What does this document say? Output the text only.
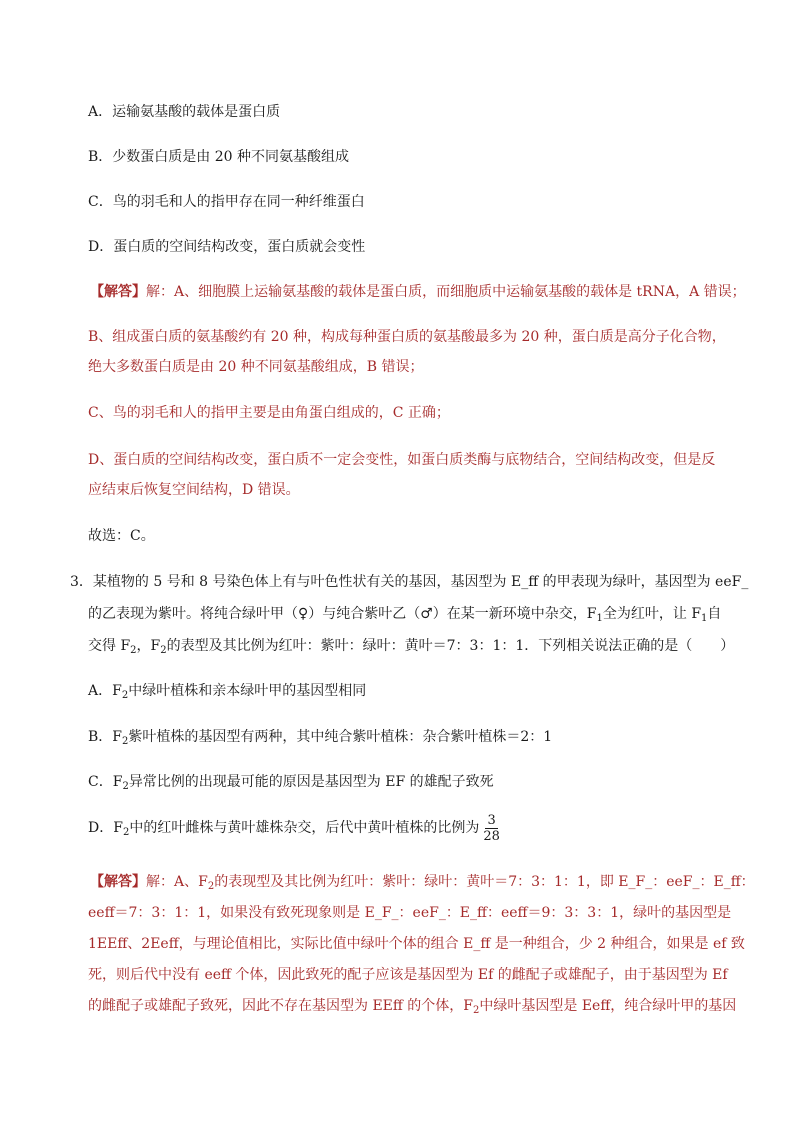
A．运输氨基酸的载体是蛋白质
B．少数蛋白质是由 20 种不同氨基酸组成
C．鸟的羽毛和人的指甲存在同一种纤维蛋白
D．蛋白质的空间结构改变，蛋白质就会变性
【解答】解：A、细胞膜上运输氨基酸的载体是蛋白质，而细胞质中运输氨基酸的载体是 tRNA，A 错误；
B、组成蛋白质的氨基酸约有 20 种，构成每种蛋白质的氨基酸最多为 20 种，蛋白质是高分子化合物，
绝大多数蛋白质是由 20 种不同氨基酸组成，B 错误；
C、鸟的羽毛和人的指甲主要是由角蛋白组成的，C 正确；
D、蛋白质的空间结构改变，蛋白质不一定会变性，如蛋白质类酶与底物结合，空间结构改变，但是反
应结束后恢复空间结构，D 错误。
故选：C。
3．某植物的 5 号和 8 号染色体上有与叶色性状有关的基因，基因型为 E_ff 的甲表现为绿叶，基因型为 eeF_
的乙表现为紫叶。将纯合绿叶甲（♀）与纯合紫叶乙（♂）在某一新环境中杂交，$F_1$全为红叶，让 $F_1$自
交得 $F_2$，$F_2$的表型及其比例为红叶：紫叶：绿叶：黄叶＝7：3：1：1．下列相关说法正确的是（　　）
A．$F_2$中绿叶植株和亲本绿叶甲的基因型相同
B．$F_2$紫叶植株的基因型有两种，其中纯合紫叶植株：杂合紫叶植株＝2：1
C．$F_2$异常比例的出现最可能的原因是基因型为 EF 的雄配子致死
D．$F_2$中的红叶雌株与黄叶雄株杂交，后代中黄叶植株的比例为 $\frac{3}{28}$
【解答】解：A、$F_2$的表现型及其比例为红叶：紫叶：绿叶：黄叶＝7：3：1：1，即 E_F_：eeF_：E_ff：
eeff＝7：3：1：1，如果没有致死现象则是 E_F_：eeF_：E_ff：eeff＝9：3：3：1，绿叶的基因型是
1EEff、2Eeff，与理论值相比，实际比值中绿叶个体的组合 E_ff 是一种组合，少 2 种组合，如果是 ef 致
死，则后代中没有 eeff 个体，因此致死的配子应该是基因型为 Ef 的雌配子或雄配子，由于基因型为 Ef
的雌配子或雄配子致死，因此不存在基因型为 EEff 的个体，$F_2$中绿叶基因型是 Eeff，纯合绿叶甲的基因
